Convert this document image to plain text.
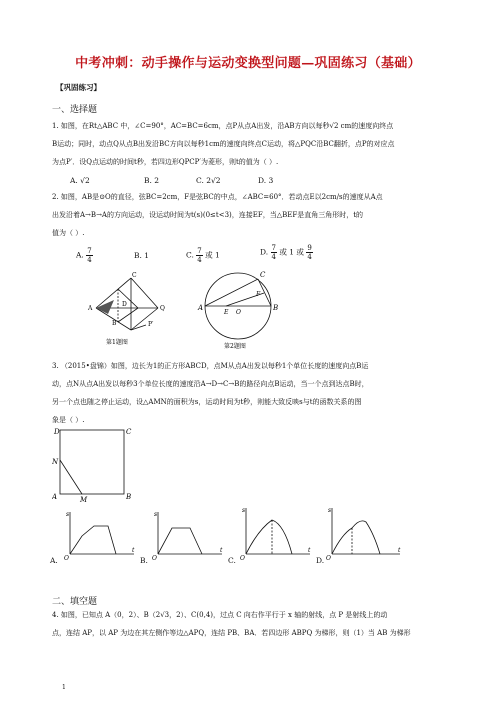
中考冲刺：动手操作与运动变换型问题—巩固练习（基础）
【巩固练习】
一、选择题
1. 如图，在Rt△ABC 中，∠C=90°，AC=BC=6cm，点P从点A出发，沿AB方向以每秒√2 cm的速度向终点
B运动；同时，动点Q从点B出发沿BC方向以每秒1cm的速度向终点C运动，将△PQC沿BC翻折，点P的对应点
为点P′．设Q点运动的时间t秒，若四边形QPCP′为菱形，则t的值为（ ）.
A. √2	B. 2	C. 2√2	D. 3
2. 如图，AB是⊙O的直径，弦BC=2cm，F是弦BC的中点，∠ABC=60°．若动点E以2cm/s的速度从A点
出发沿着A→B→A的方向运动，设运动时间为t(s)(0≤t<3)，连接EF，当△BEF是直角三角形时，t的
值为（ ）.
A. $\frac{7}{4}$	B. 1	C. $\frac{7}{4}$ 或 1	D. $\frac{7}{4}$ 或 1 或 $\frac{9}{4}$
C
D
Q
A
P′
B
第1题图
A	B
C
E O
F
第2题图
3. （2015•盘锦）如图，边长为1的正方形ABCD，点M从点A出发以每秒1个单位长度的速度向点B运
动，点N从点A出发以每秒3个单位长度的速度沿A→D→C→B的路径向点B运动，当一个点到达点B时，
另一个点也随之停止运动，设△AMN的面积为s，运动时间为t秒，则能大致反映s与t的函数关系的图
象是（ ）.
D	C
N
A	M	B
s
O
t
A.
s
O
t
B.
s
O
t
C.
s
O
t
D.
二、填空题
4. 如图，已知点 A（0，2）、B（2√3，2）、C(0,4)，过点 C 向右作平行于 x 轴的射线，点 P 是射线上的动
点，连结 AP，以 AP 为边在其左侧作等边△APQ，连结 PB、BA．若四边形 ABPQ 为梯形，则（1）当 AB 为梯形
1
